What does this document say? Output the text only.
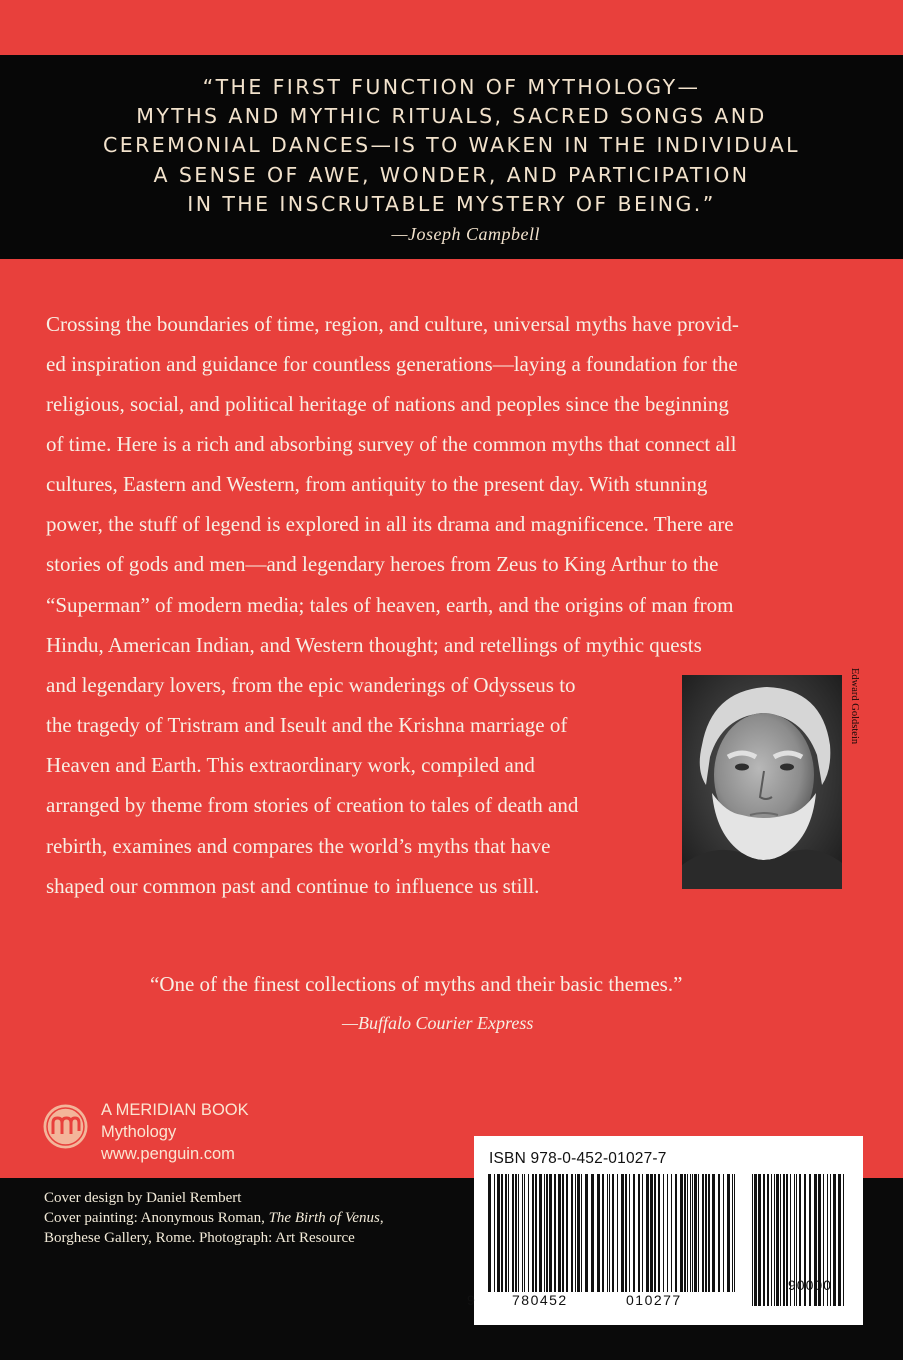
“THE FIRST FUNCTION OF MYTHOLOGY—
MYTHS AND MYTHIC RITUALS, SACRED SONGS AND
CEREMONIAL DANCES—IS TO WAKEN IN THE INDIVIDUAL
A SENSE OF AWE, WONDER, AND PARTICIPATION
IN THE INSCRUTABLE MYSTERY OF BEING.”
—Joseph Campbell
Crossing the boundaries of time, region, and culture, universal myths have provid-
ed inspiration and guidance for countless generations—laying a foundation for the
religious, social, and political heritage of nations and peoples since the beginning
of time. Here is a rich and absorbing survey of the common myths that connect all
cultures, Eastern and Western, from antiquity to the present day. With stunning
power, the stuff of legend is explored in all its drama and magnificence. There are
stories of gods and men—and legendary heroes from Zeus to King Arthur to the
“Superman” of modern media; tales of heaven, earth, and the origins of man from
Hindu, American Indian, and Western thought; and retellings of mythic quests
and legendary lovers, from the epic wanderings of Odysseus to
the tragedy of Tristram and Iseult and the Krishna marriage of
Heaven and Earth. This extraordinary work, compiled and
arranged by theme from stories of creation to tales of death and
rebirth, examines and compares the world’s myths that have
shaped our common past and continue to influence us still.
Edward Goldstein
“One of the finest collections of myths and their basic themes.”
—Buffalo Courier Express
A MERIDIAN BOOK
Mythology
www.penguin.com
Cover design by Daniel Rembert
Cover painting: Anonymous Roman, The Birth of Venus,
Borghese Gallery, Rome. Photograph: Art Resource
ISBN 978-0-452-01027-7
9	780452	010277
90000
